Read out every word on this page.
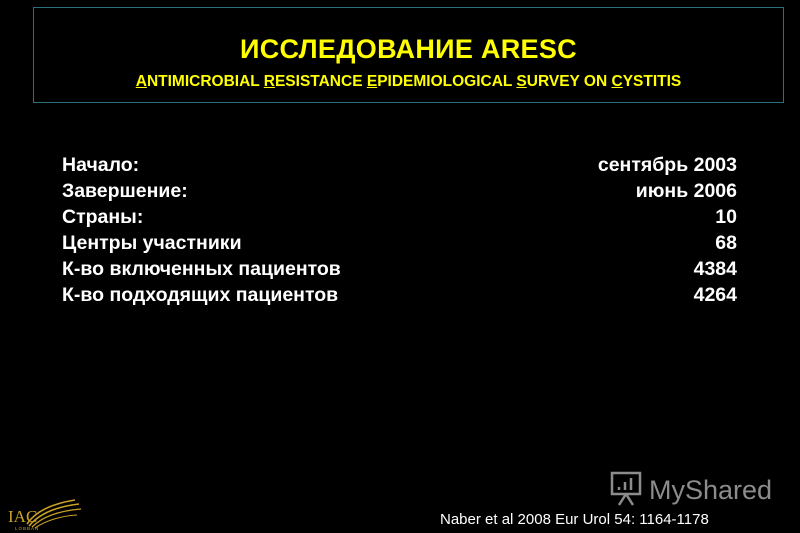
ИССЛЕДОВАНИЕ ARESC
ANTIMICROBIAL RESISTANCE EPIDEMIOLOGICAL SURVEY ON CYSTITIS
Начало:	сентябрь 2003
Завершение:	июнь 2006
Страны:	10
Центры участники	68
К-во включенных пациентов	4384
К-во подходящих пациентов	4264
IAC
LOBBAN
MyShared
Naber et al 2008 Eur Urol 54: 1164-1178
